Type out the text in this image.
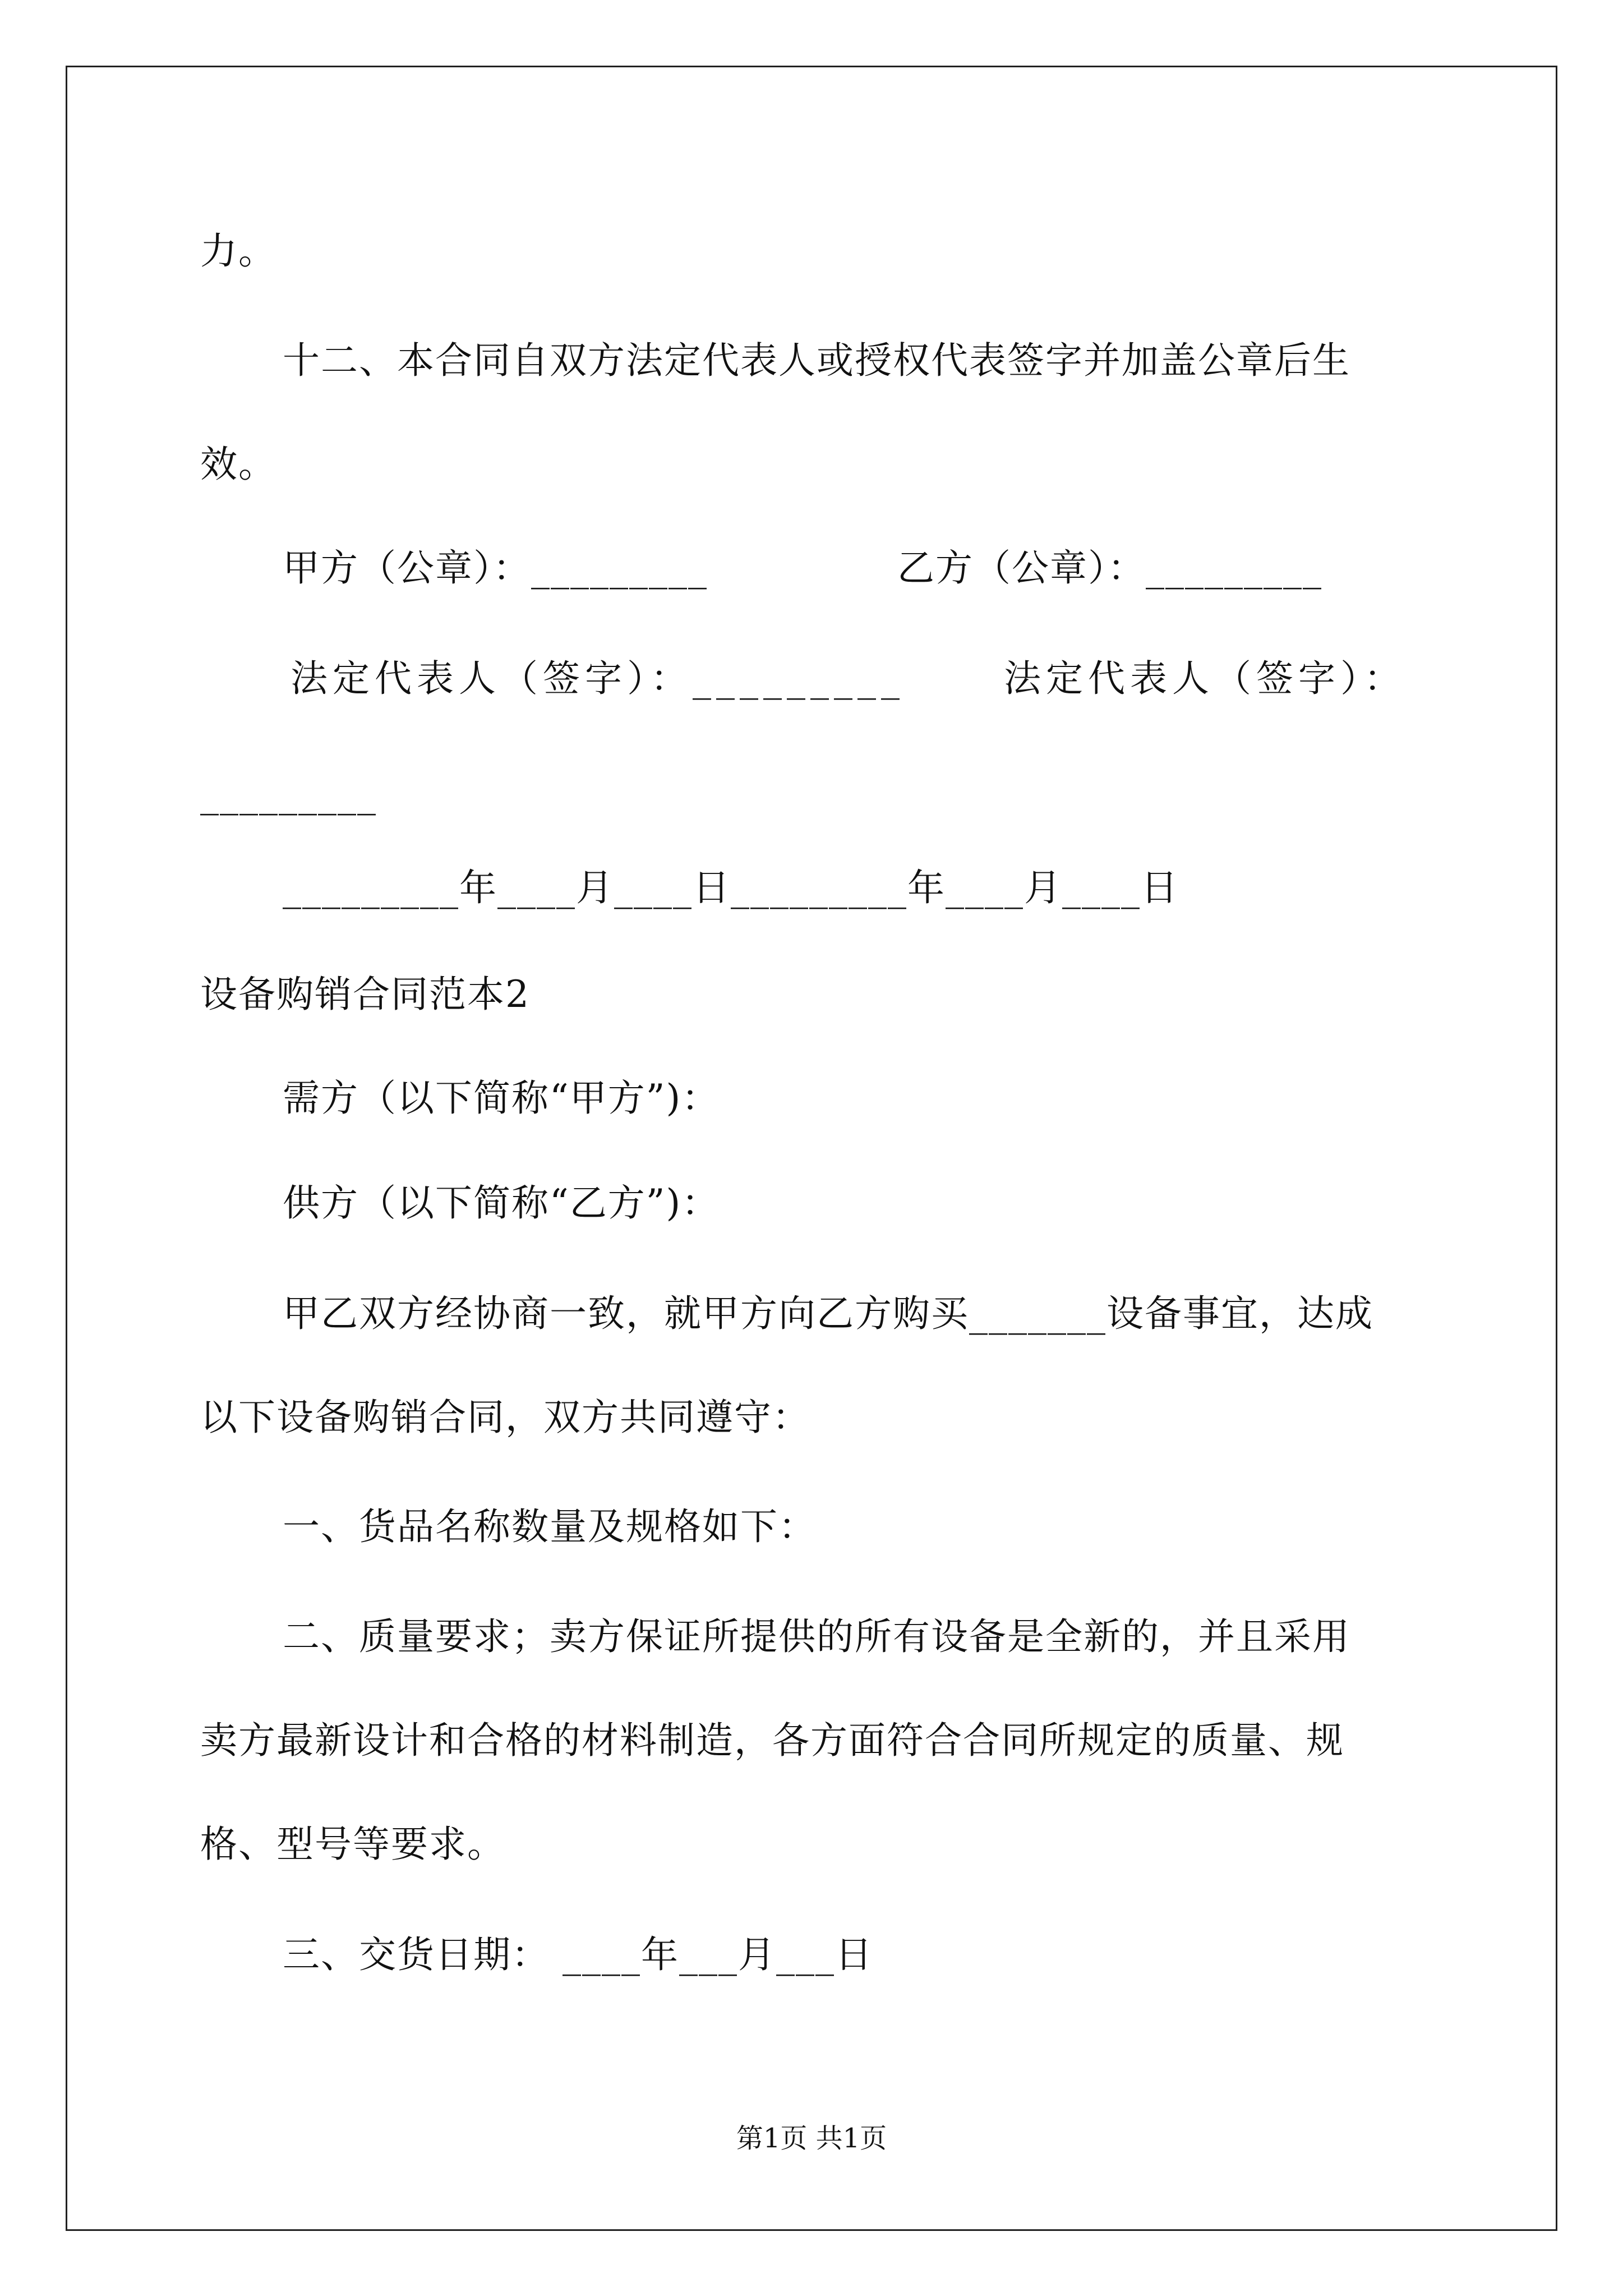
力。
十二、本合同自双方法定代表人或授权代表签字并加盖公章后生
效。
甲方（公章）：_________	乙方（公章）：_________
法定代表人（签字）：_________	法定代表人（签字）：
_________
_________年____月____日_________年____月____日
设备购销合同范本2
需方（以下简称“甲方”)：
供方（以下简称“乙方”)：
甲乙双方经协商一致，就甲方向乙方购买_______设备事宜，达成
以下设备购销合同，双方共同遵守：
一、货品名称数量及规格如下：
二、质量要求；卖方保证所提供的所有设备是全新的，并且采用
卖方最新设计和合格的材料制造，各方面符合合同所规定的质量、规
格、型号等要求。
三、交货日期： ____年___月___日
第1页 共1页
